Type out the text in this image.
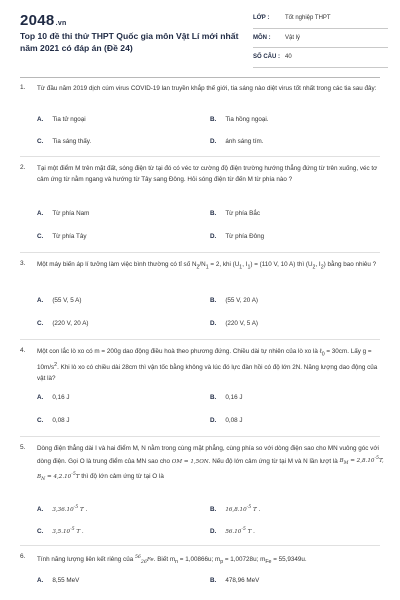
2048.vn
Top 10 đề thi thử THPT Quốc gia môn Vật Lí mới nhất năm 2021 có đáp án (Đề 24)
LỚP :	Tốt nghiệp THPT
MÔN : Vật lý
SỐ CÂU : 40
1. Từ đầu năm 2019 dịch cúm virus COVID-19 lan truyền khắp thế giới, tia sáng nào diệt virus tốt nhất trong các tia sau đây:
A. Tia tử ngoại	B. Tia hồng ngoại.
C. Tia sáng thấy.	D. ánh sáng tím.
2. Tại một điểm M trên mặt đất, sóng điện từ tại đó có véc tơ cường độ điện trường hướng thẳng đứng từ trên xuống, véc tơ cảm ứng từ nằm ngang và hướng từ Tây sang Đông. Hỏi sóng điện từ đến M từ phía nào ?
A. Từ phía Nam	B. Từ phía Bắc
C. Từ phía Tây	D. Từ phía Đông
3. Một máy biến áp lí tưởng làm việc bình thường có tỉ số $N_2/N_1 = 2$, khi ($U_1$, $I_1) = (110$ V, 10 A) thì ($U_2$, $I_2$) bằng bao nhiêu ?
A. (55 V, 5 A)	B. (55 V, 20 A)
C. (220 V, 20 A)	D. (220 V, 5 A)
4. Một con lắc lò xo có m = 200g dao động điều hoà theo phương đứng. Chiều dài tự nhiên của lò xo là ℓ$_0$ = 30cm. Lấy $g = 10m/s^2$. Khi lò xo có chiều dài 28cm thì vận tốc bằng không và lúc đó lực đàn hồi có độ lớn 2N. Năng lượng dao động của vật là?
A. 0,16 J	B. 0,16 J
C. 0,08 J	D. 0,08 J
5. Dòng điện thẳng dài I và hai điểm M, N nằm trong cùng mặt phẳng, cùng phía so với dòng điện sao cho MN vuông góc với dòng điện. Gọi O là trung điểm của MN sao cho OM = 1,5ON. Nếu độ lớn cảm ứng từ tại M và N lần lượt là $B_M = 2,8.10^{-5}T$, $B_N = 4,2.10^{-5}T$ thì độ lớn cảm ứng từ tại O là
A. $3,36.10^{-5}$ T .	B. $16,8.10^{-5}$ T .
C. $3,5.10^{-5}$ T .	D. $56.10^{-5}$ T .
6. Tính năng lượng liên kết riêng của $^{56}_{26}$Fe. Biết $m_n = 1,00866u$; $m_p = 1,00728u$; $m_{Fe} = 55,9349u$.
A. 8,55 MeV	B. 478,96 MeV
